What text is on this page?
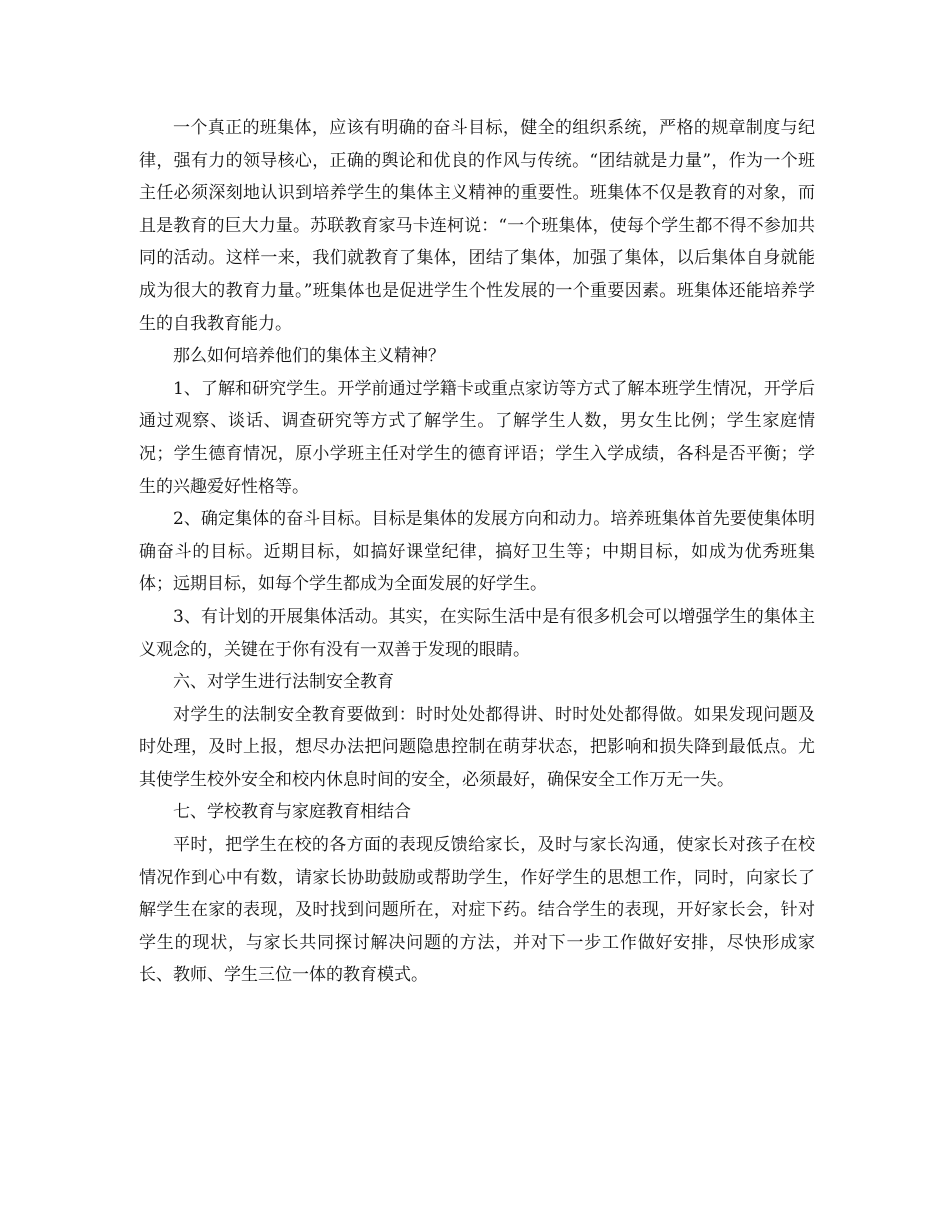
一个真正的班集体，应该有明确的奋斗目标，健全的组织系统，严格的规章制度与纪律，强有力的领导核心，正确的舆论和优良的作风与传统。“团结就是力量”，作为一个班主任必须深刻地认识到培养学生的集体主义精神的重要性。班集体不仅是教育的对象，而且是教育的巨大力量。苏联教育家马卡连柯说：“一个班集体，使每个学生都不得不参加共同的活动。这样一来，我们就教育了集体，团结了集体，加强了集体，以后集体自身就能成为很大的教育力量。”班集体也是促进学生个性发展的一个重要因素。班集体还能培养学生的自我教育能力。

那么如何培养他们的集体主义精神？

1、了解和研究学生。开学前通过学籍卡或重点家访等方式了解本班学生情况，开学后通过观察、谈话、调查研究等方式了解学生。了解学生人数，男女生比例；学生家庭情况；学生德育情况，原小学班主任对学生的德育评语；学生入学成绩，各科是否平衡；学生的兴趣爱好性格等。

2、确定集体的奋斗目标。目标是集体的发展方向和动力。培养班集体首先要使集体明确奋斗的目标。近期目标，如搞好课堂纪律，搞好卫生等；中期目标，如成为优秀班集体；远期目标，如每个学生都成为全面发展的好学生。

3、有计划的开展集体活动。其实，在实际生活中是有很多机会可以增强学生的集体主义观念的，关键在于你有没有一双善于发现的眼睛。

六、对学生进行法制安全教育

对学生的法制安全教育要做到：时时处处都得讲、时时处处都得做。如果发现问题及时处理，及时上报，想尽办法把问题隐患控制在萌芽状态，把影响和损失降到最低点。尤其使学生校外安全和校内休息时间的安全，必须最好，确保安全工作万无一失。

七、学校教育与家庭教育相结合

平时，把学生在校的各方面的表现反馈给家长，及时与家长沟通，使家长对孩子在校情况作到心中有数，请家长协助鼓励或帮助学生，作好学生的思想工作，同时，向家长了解学生在家的表现，及时找到问题所在，对症下药。结合学生的表现，开好家长会，针对学生的现状，与家长共同探讨解决问题的方法，并对下一步工作做好安排，尽快形成家长、教师、学生三位一体的教育模式。
